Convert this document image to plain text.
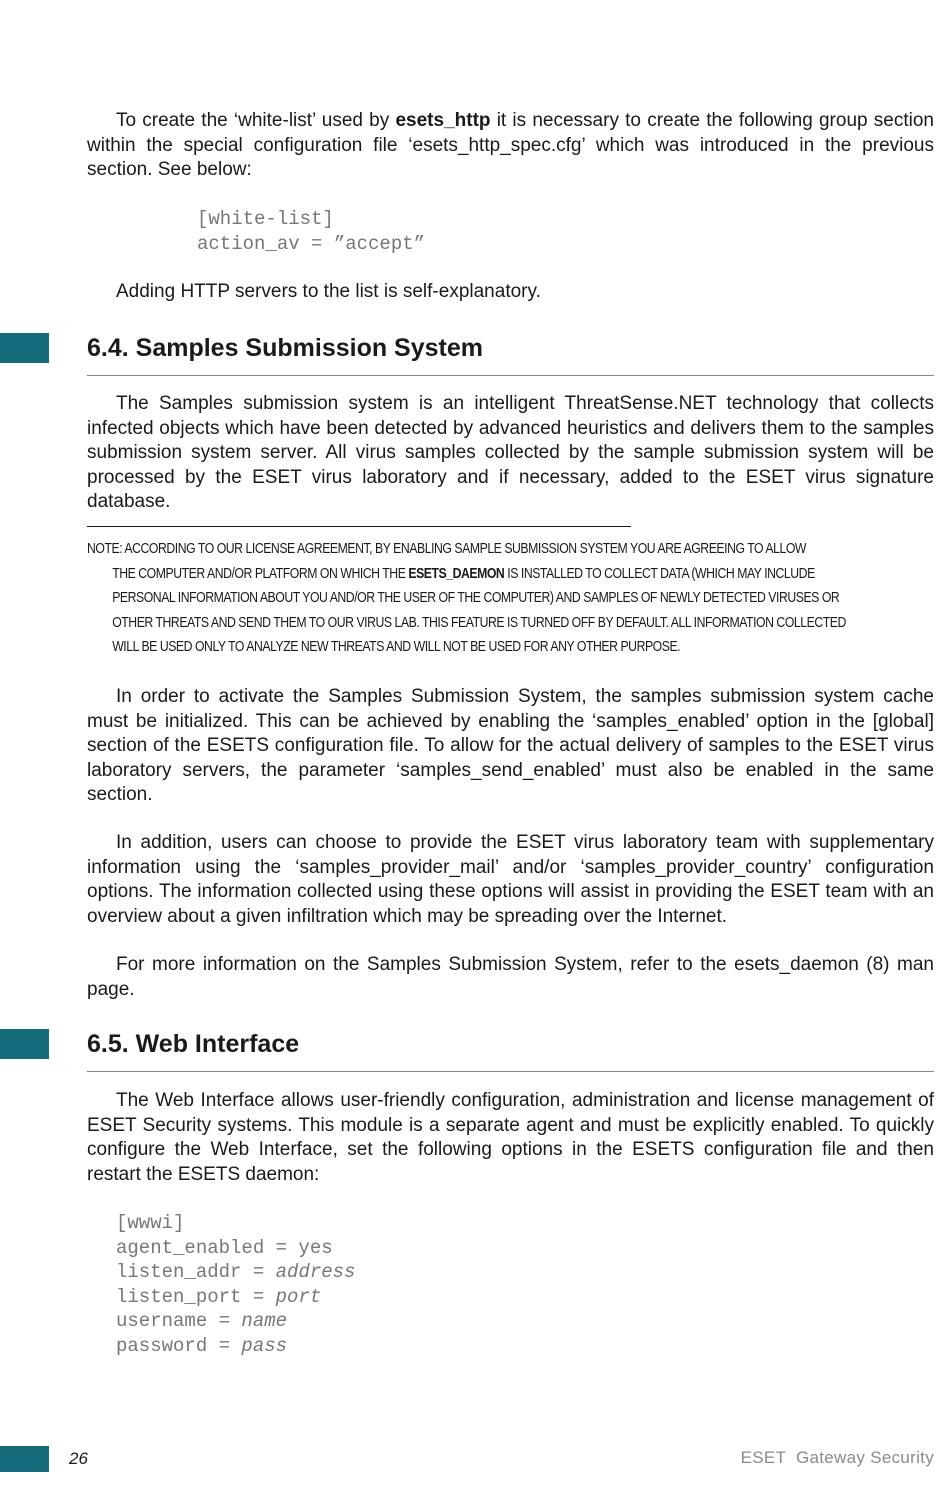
To create the ‘white-list’ used by esets_http it is necessary to create the following group section within the special configuration file ‘esets_http_spec.cfg’ which was introduced in the previous section. See below:

[white-list]
action_av = ”accept”

Adding HTTP servers to the list is self-explanatory.

6.4. Samples Submission System

The Samples submission system is an intelligent ThreatSense.NET technology that collects infected objects which have been detected by advanced heuristics and delivers them to the samples submission system server. All virus samples collected by the sample submission system will be processed by the ESET virus laboratory and if necessary, added to the ESET virus signature database.

NOTE: ACCORDING TO OUR LICENSE AGREEMENT, BY ENABLING SAMPLE SUBMISSION SYSTEM YOU ARE AGREEING TO ALLOW
THE COMPUTER AND/OR PLATFORM ON WHICH THE ESETS_DAEMON IS INSTALLED TO COLLECT DATA (WHICH MAY INCLUDE
PERSONAL INFORMATION ABOUT YOU AND/OR THE USER OF THE COMPUTER) AND SAMPLES OF NEWLY DETECTED VIRUSES OR
OTHER THREATS AND SEND THEM TO OUR VIRUS LAB. THIS FEATURE IS TURNED OFF BY DEFAULT. ALL INFORMATION COLLECTED
WILL BE USED ONLY TO ANALYZE NEW THREATS AND WILL NOT BE USED FOR ANY OTHER PURPOSE.

In order to activate the Samples Submission System, the samples submission system cache must be initialized. This can be achieved by enabling the ‘samples_enabled’ option in the [global] section of the ESETS configuration file. To allow for the actual delivery of samples to the ESET virus laboratory servers, the parameter ‘samples_send_enabled’ must also be enabled in the same section.

In addition, users can choose to provide the ESET virus laboratory team with supplementary information using the ‘samples_provider_mail’ and/or ‘samples_provider_country’ configuration options. The information collected using these options will assist in providing the ESET team with an overview about a given infiltration which may be spreading over the Internet.

For more information on the Samples Submission System, refer to the esets_daemon (8) man page.

6.5. Web Interface

The Web Interface allows user-friendly configuration, administration and license management of ESET Security systems. This module is a separate agent and must be explicitly enabled. To quickly configure the Web Interface, set the following options in the ESETS configuration file and then restart the ESETS daemon:

[wwwi]
agent_enabled = yes
listen_addr = address
listen_port = port
username = name
password = pass
26	ESET  Gateway Security
